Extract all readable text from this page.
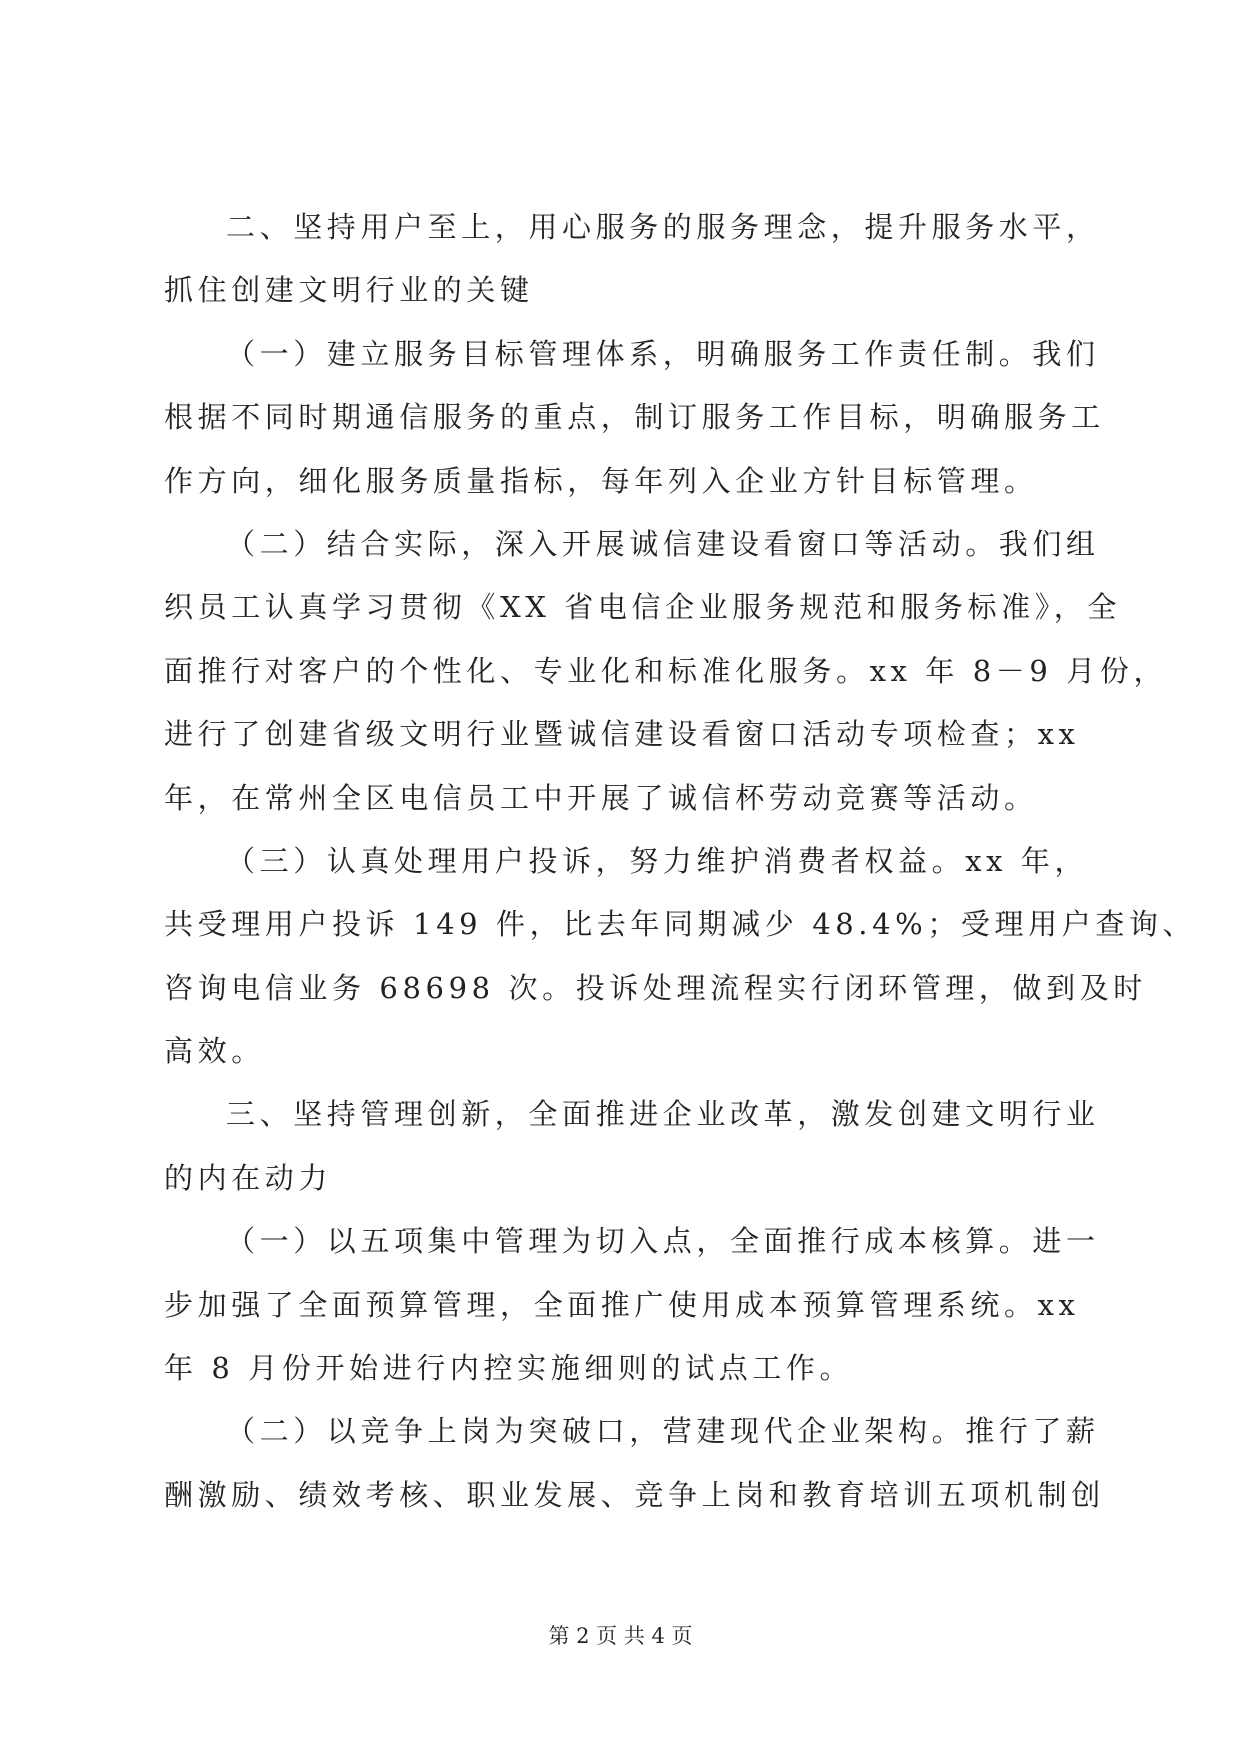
二、坚持用户至上，用心服务的服务理念，提升服务水平，
抓住创建文明行业的关键
（一）建立服务目标管理体系，明确服务工作责任制。我们
根据不同时期通信服务的重点，制订服务工作目标，明确服务工
作方向，细化服务质量指标，每年列入企业方针目标管理。
（二）结合实际，深入开展诚信建设看窗口等活动。我们组
织员工认真学习贯彻《XX 省电信企业服务规范和服务标准》，全
面推行对客户的个性化、专业化和标准化服务。xx 年 8－9 月份，
进行了创建省级文明行业暨诚信建设看窗口活动专项检查；xx
年，在常州全区电信员工中开展了诚信杯劳动竞赛等活动。
（三）认真处理用户投诉，努力维护消费者权益。xx 年，
共受理用户投诉 149 件，比去年同期减少 48.4%；受理用户查询、
咨询电信业务 68698 次。投诉处理流程实行闭环管理，做到及时
高效。
三、坚持管理创新，全面推进企业改革，激发创建文明行业
的内在动力
（一）以五项集中管理为切入点，全面推行成本核算。进一
步加强了全面预算管理，全面推广使用成本预算管理系统。xx
年 8 月份开始进行内控实施细则的试点工作。
（二）以竞争上岗为突破口，营建现代企业架构。推行了薪
酬激励、绩效考核、职业发展、竞争上岗和教育培训五项机制创
第 2 页 共 4 页
